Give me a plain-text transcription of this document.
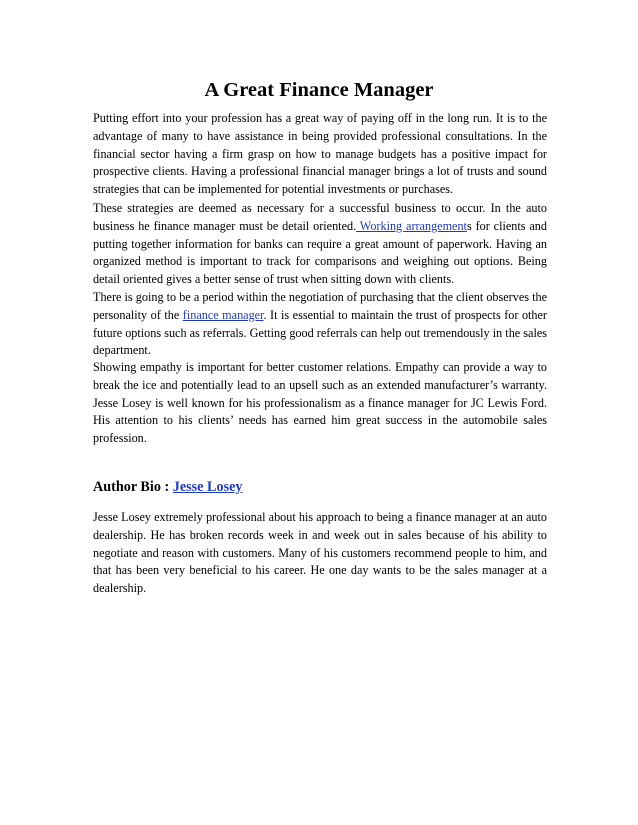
A Great Finance Manager

Putting effort into your profession has a great way of paying off in the long run. It is to the advantage of many to have assistance in being provided professional consultations. In the financial sector having a firm grasp on how to manage budgets has a positive impact for prospective clients. Having a professional financial manager brings a lot of trusts and sound strategies that can be implemented for potential investments or purchases.

These strategies are deemed as necessary for a successful business to occur. In the auto business he finance manager must be detail oriented. Working arrangements for clients and putting together information for banks can require a great amount of paperwork. Having an organized method is important to track for comparisons and weighing out options. Being detail oriented gives a better sense of trust when sitting down with clients.

There is going to be a period within the negotiation of purchasing that the client observes the personality of the finance manager. It is essential to maintain the trust of prospects for other future options such as referrals. Getting good referrals can help out tremendously in the sales department.

Showing empathy is important for better customer relations. Empathy can provide a way to break the ice and potentially lead to an upsell such as an extended manufacturer’s warranty. Jesse Losey is well known for his professionalism as a finance manager for JC Lewis Ford. His attention to his clients’ needs has earned him great success in the automobile sales profession.

Author Bio : Jesse Losey

Jesse Losey extremely professional about his approach to being a finance manager at an auto dealership. He has broken records week in and week out in sales because of his ability to negotiate and reason with customers. Many of his customers recommend people to him, and that has been very beneficial to his career. He one day wants to be the sales manager at a dealership.
